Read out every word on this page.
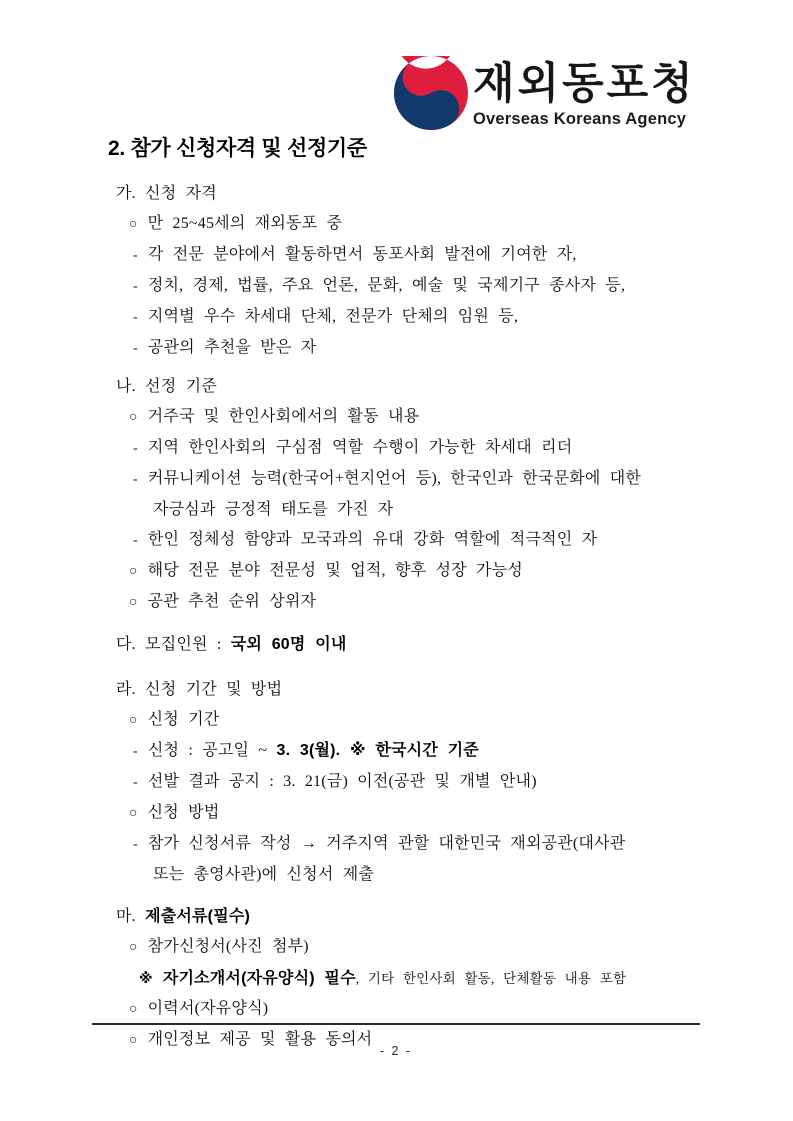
재외동포청
Overseas Koreans Agency
2. 참가 신청자격 및 선정기준
가. 신청 자격
○ 만 25~45세의 재외동포 중
- 각 전문 분야에서 활동하면서 동포사회 발전에 기여한 자,
- 정치, 경제, 법률, 주요 언론, 문화, 예술 및 국제기구 종사자 등,
- 지역별 우수 차세대 단체, 전문가 단체의 임원 등,
- 공관의 추천을 받은 자
나. 선정 기준
○ 거주국 및 한인사회에서의 활동 내용
- 지역 한인사회의 구심점 역할 수행이 가능한 차세대 리더
- 커뮤니케이션 능력(한국어+현지언어 등), 한국인과 한국문화에 대한
자긍심과 긍정적 태도를 가진 자
- 한인 정체성 함양과 모국과의 유대 강화 역할에 적극적인 자
○ 해당 전문 분야 전문성 및 업적, 향후 성장 가능성
○ 공관 추천 순위 상위자
다. 모집인원 : 국외 60명 이내
라. 신청 기간 및 방법
○ 신청 기간
- 신청 : 공고일 ~ 3. 3(월). ※ 한국시간 기준
- 선발 결과 공지 : 3. 21(금) 이전(공관 및 개별 안내)
○ 신청 방법
- 참가 신청서류 작성 → 거주지역 관할 대한민국 재외공관(대사관
또는 총영사관)에 신청서 제출
마. 제출서류(필수)
○ 참가신청서(사진 첨부)
※ 자기소개서(자유양식) 필수, 기타 한인사회 활동, 단체활동 내용 포함
○ 이력서(자유양식)
○ 개인정보 제공 및 활용 동의서
- 2 -
